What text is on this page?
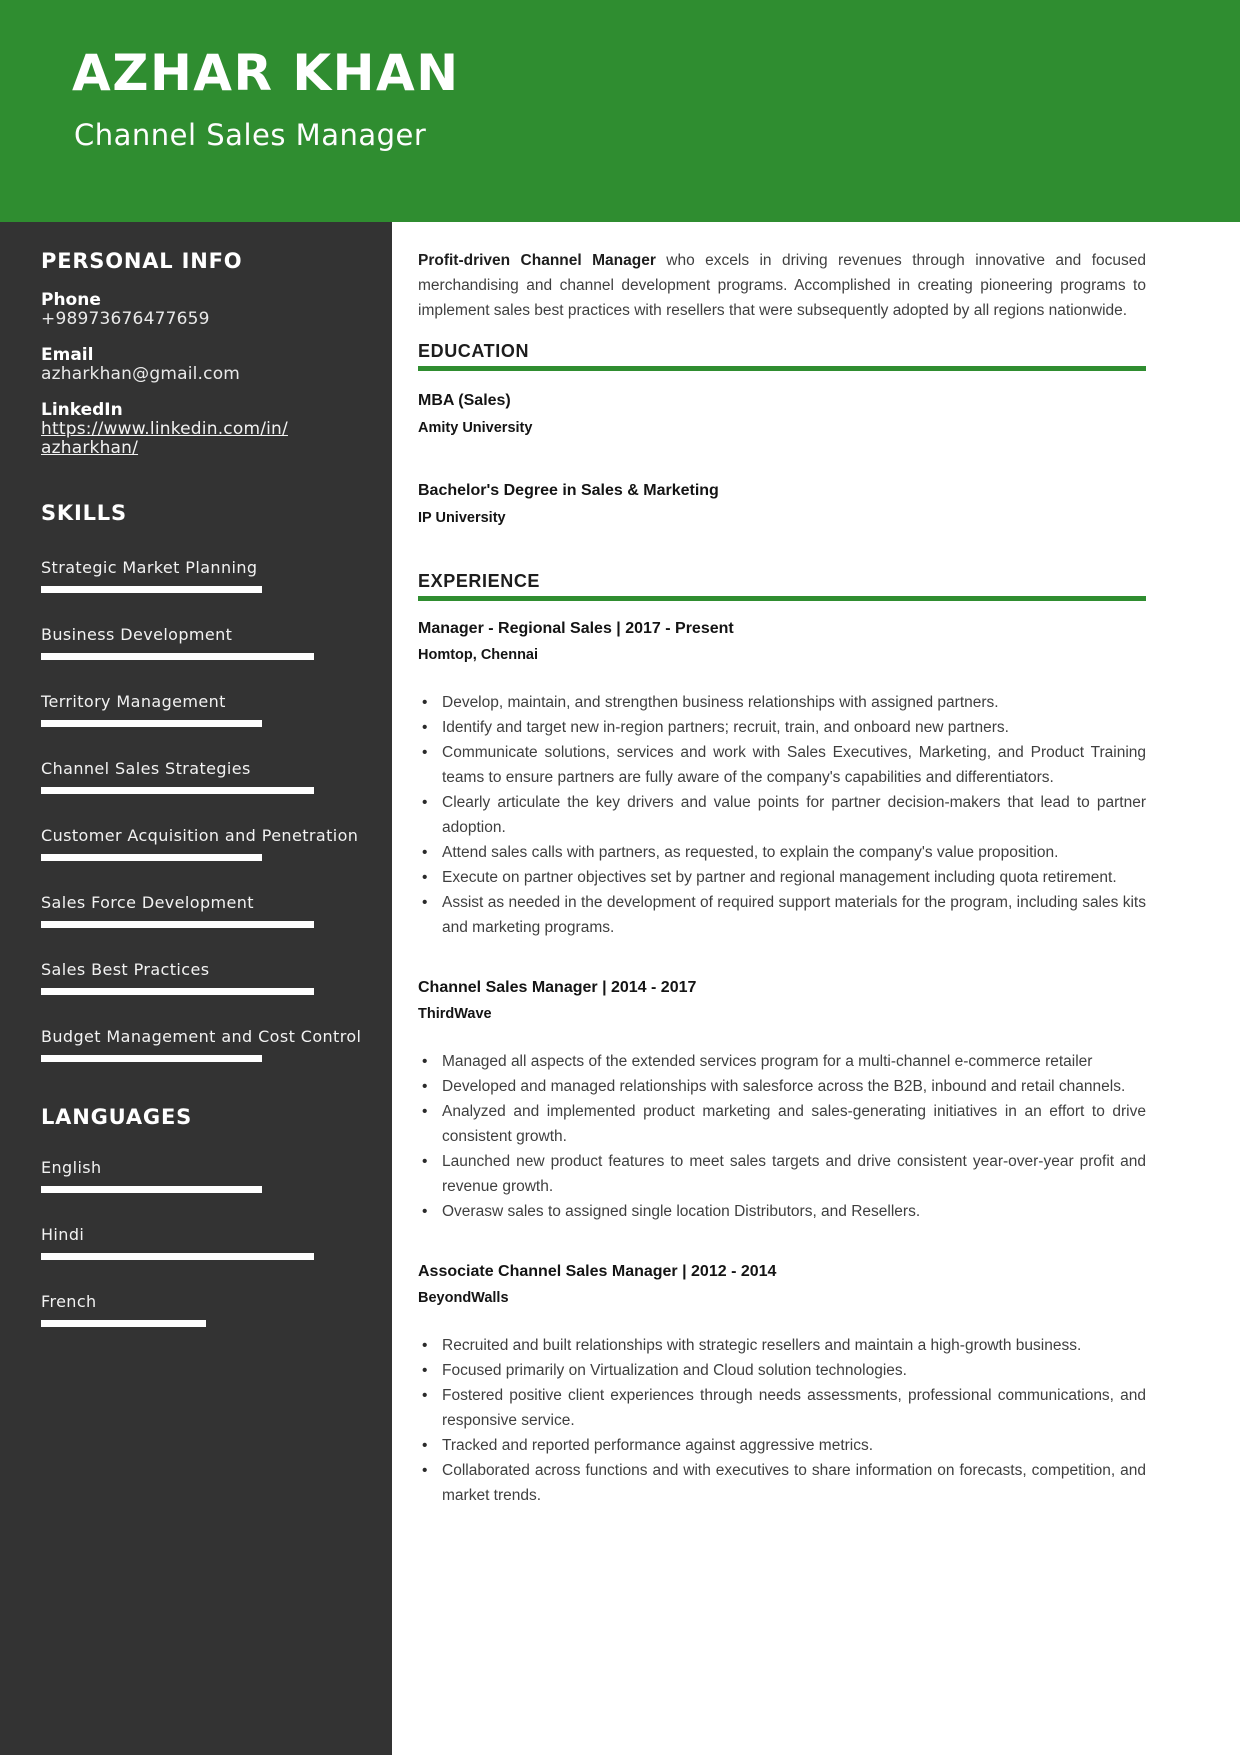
AZHAR KHAN
Channel Sales Manager
PERSONAL INFO
Phone
+98973676477659
Email
azharkhan@gmail.com
LinkedIn
https://www.linkedin.com/in/azharkhan/
SKILLS
Strategic Market Planning
Business Development
Territory Management
Channel Sales Strategies
Customer Acquisition and Penetration
Sales Force Development
Sales Best Practices
Budget Management and Cost Control
LANGUAGES
English
Hindi
French

Profit-driven Channel Manager who excels in driving revenues through innovative and focused merchandising and channel development programs. Accomplished in creating pioneering programs to implement sales best practices with resellers that were subsequently adopted by all regions nationwide.

EDUCATION
MBA (Sales)
Amity University
Bachelor's Degree in Sales & Marketing
IP University
EXPERIENCE
Manager - Regional Sales | 2017 - Present
Homtop, Chennai
• Develop, maintain, and strengthen business relationships with assigned partners.
• Identify and target new in-region partners; recruit, train, and onboard new partners.
• Communicate solutions, services and work with Sales Executives, Marketing, and Product Training teams to ensure partners are fully aware of the company's capabilities and differentiators.
• Clearly articulate the key drivers and value points for partner decision-makers that lead to partner adoption.
• Attend sales calls with partners, as requested, to explain the company's value proposition.
• Execute on partner objectives set by partner and regional management including quota retirement.
• Assist as needed in the development of required support materials for the program, including sales kits and marketing programs.
Channel Sales Manager | 2014 - 2017
ThirdWave
• Managed all aspects of the extended services program for a multi-channel e-commerce retailer
• Developed and managed relationships with salesforce across the B2B, inbound and retail channels.
• Analyzed and implemented product marketing and sales-generating initiatives in an effort to drive consistent growth.
• Launched new product features to meet sales targets and drive consistent year-over-year profit and revenue growth.
• Overasw sales to assigned single location Distributors, and Resellers.
Associate Channel Sales Manager | 2012 - 2014
BeyondWalls
• Recruited and built relationships with strategic resellers and maintain a high-growth business.
• Focused primarily on Virtualization and Cloud solution technologies.
• Fostered positive client experiences through needs assessments, professional communications, and responsive service.
• Tracked and reported performance against aggressive metrics.
• Collaborated across functions and with executives to share information on forecasts, competition, and market trends.
